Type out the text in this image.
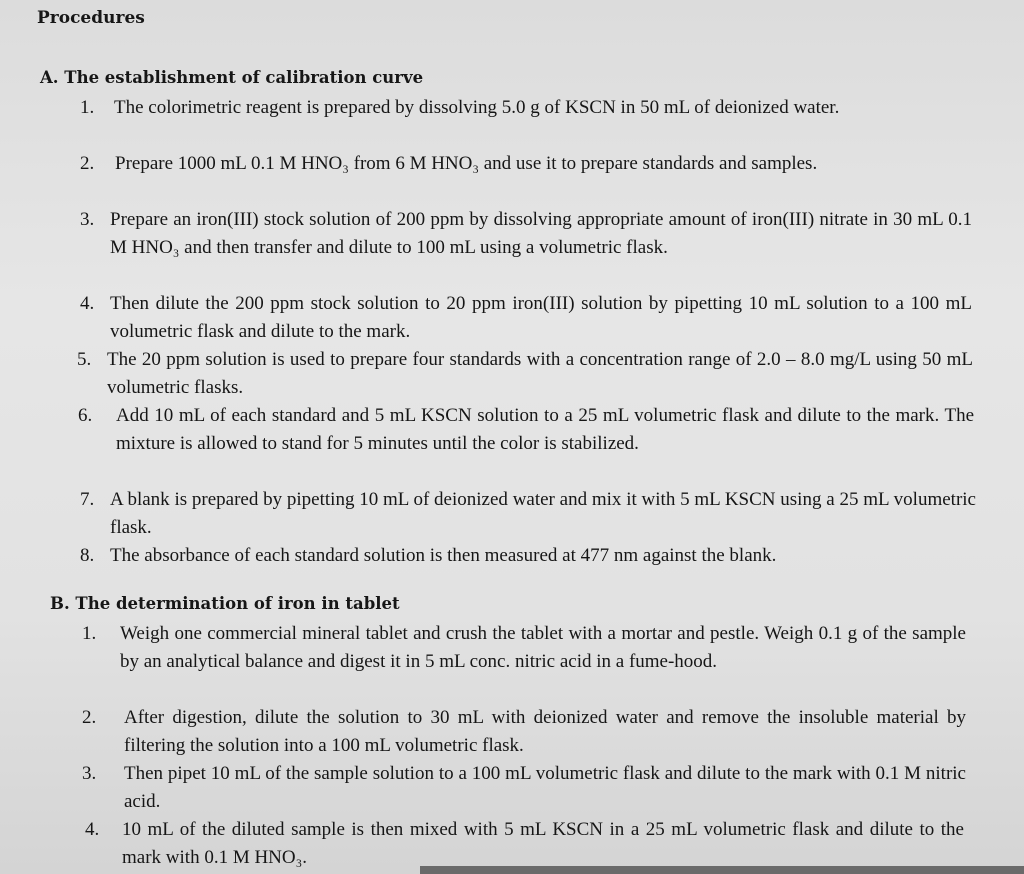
Procedures
A. The establishment of calibration curve
1.	The colorimetric reagent is prepared by dissolving 5.0 g of KSCN in 50 mL of deionized water.
2.	Prepare 1000 mL 0.1 M HNO₃ from 6 M HNO₃ and use it to prepare standards and samples.
3. Prepare an iron(III) stock solution of 200 ppm by dissolving appropriate amount of iron(III) nitrate in 30 mL 0.1 M HNO₃ and then transfer and dilute to 100 mL using a volumetric flask.
4. Then dilute the 200 ppm stock solution to 20 ppm iron(III) solution by pipetting 10 mL solution to a 100 mL volumetric flask and dilute to the mark.
5. The 20 ppm solution is used to prepare four standards with a concentration range of 2.0 – 8.0 mg/L using 50 mL volumetric flasks.
6.	Add 10 mL of each standard and 5 mL KSCN solution to a 25 mL volumetric flask and dilute to the mark. The mixture is allowed to stand for 5 minutes until the color is stabilized.
7. A blank is prepared by pipetting 10 mL of deionized water and mix it with 5 mL KSCN using a 25 mL volumetric flask.
8. The absorbance of each standard solution is then measured at 477 nm against the blank.
B. The determination of iron in tablet
1.	Weigh one commercial mineral tablet and crush the tablet with a mortar and pestle. Weigh 0.1 g of the sample by an analytical balance and digest it in 5 mL conc. nitric acid in a fume-hood.
2.	After digestion, dilute the solution to 30 mL with deionized water and remove the insoluble material by filtering the solution into a 100 mL volumetric flask.
3.	Then pipet 10 mL of the sample solution to a 100 mL volumetric flask and dilute to the mark with 0.1 M nitric acid.
4.	10 mL of the diluted sample is then mixed with 5 mL KSCN in a 25 mL volumetric flask and dilute to the mark with 0.1 M HNO₃.
